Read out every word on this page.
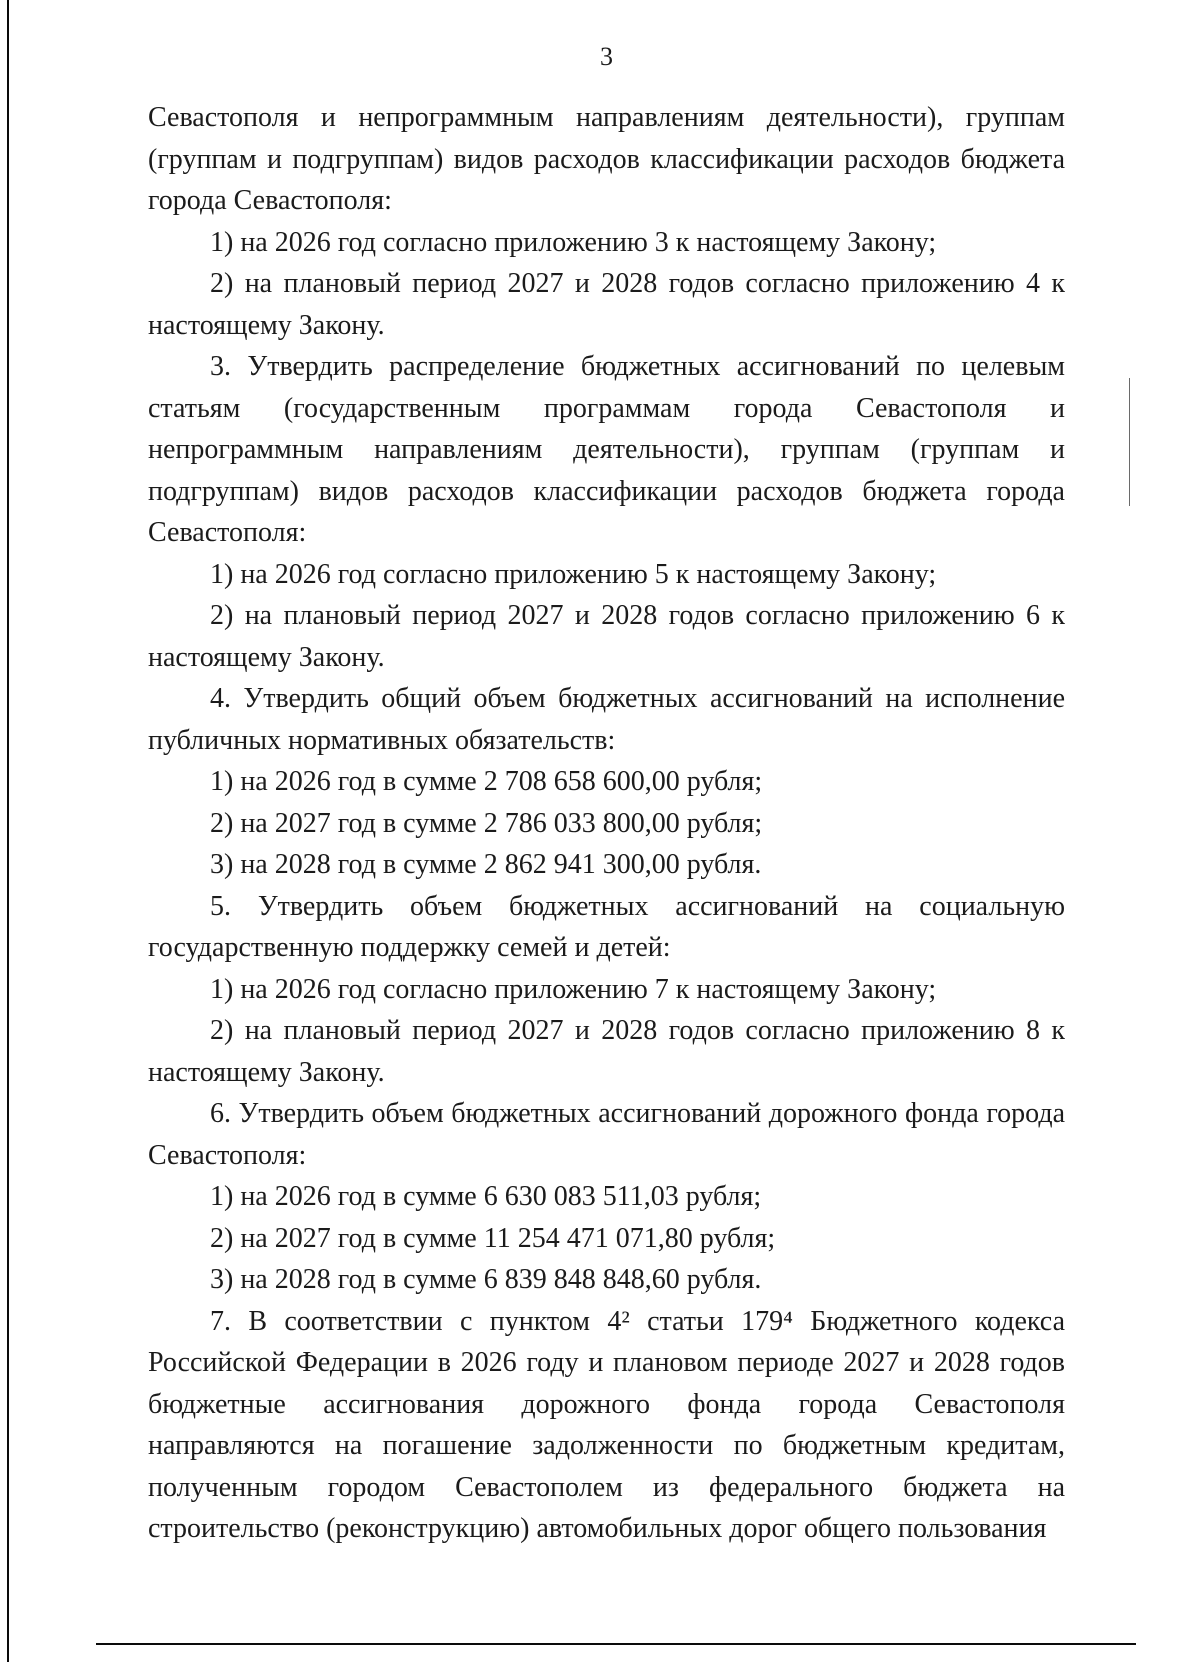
3

Севастополя и непрограммным направлениям деятельности), группам (группам и подгруппам) видов расходов классификации расходов бюджета города Севастополя:

1) на 2026 год согласно приложению 3 к настоящему Закону;

2) на плановый период 2027 и 2028 годов согласно приложению 4 к настоящему Закону.

3. Утвердить распределение бюджетных ассигнований по целевым статьям (государственным программам города Севастополя и непрограммным направлениям деятельности), группам (группам и подгруппам) видов расходов классификации расходов бюджета города Севастополя:

1) на 2026 год согласно приложению 5 к настоящему Закону;

2) на плановый период 2027 и 2028 годов согласно приложению 6 к настоящему Закону.

4. Утвердить общий объем бюджетных ассигнований на исполнение публичных нормативных обязательств:

1) на 2026 год в сумме 2 708 658 600,00 рубля;

2) на 2027 год в сумме 2 786 033 800,00 рубля;

3) на 2028 год в сумме 2 862 941 300,00 рубля.

5. Утвердить объем бюджетных ассигнований на социальную государственную поддержку семей и детей:

1) на 2026 год согласно приложению 7 к настоящему Закону;

2) на плановый период 2027 и 2028 годов согласно приложению 8 к настоящему Закону.

6. Утвердить объем бюджетных ассигнований дорожного фонда города Севастополя:

1) на 2026 год в сумме 6 630 083 511,03 рубля;

2) на 2027 год в сумме 11 254 471 071,80 рубля;

3) на 2028 год в сумме 6 839 848 848,60 рубля.

7. В соответствии с пунктом 4² статьи 179⁴ Бюджетного кодекса Российской Федерации в 2026 году и плановом периоде 2027 и 2028 годов бюджетные ассигнования дорожного фонда города Севастополя направляются на погашение задолженности по бюджетным кредитам, полученным городом Севастополем из федерального бюджета на строительство (реконструкцию) автомобильных дорог общего пользования
